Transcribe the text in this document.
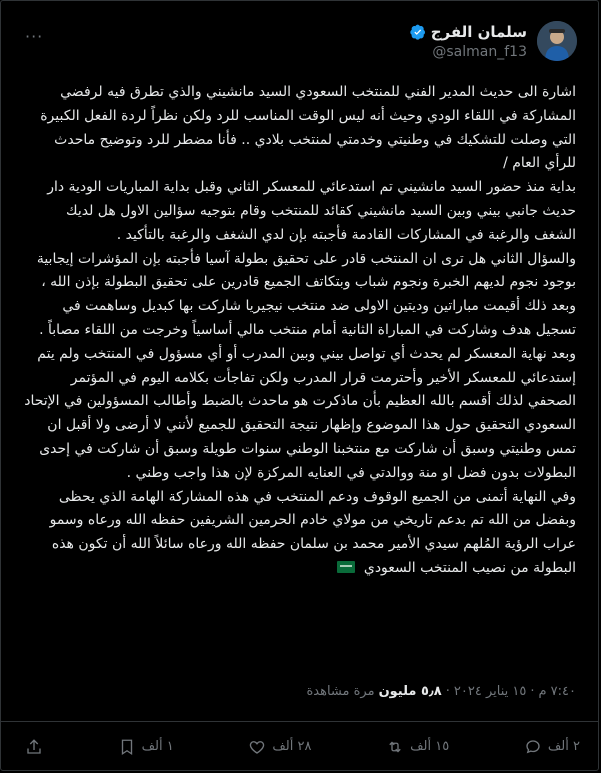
···	سلمان الفرج
@salman_f13

اشارة الى حديث المدير الفني للمنتخب السعودي السيد مانشيني والذي تطرق فيه لرفضي المشاركة في اللقاء الودي وحيث أنه ليس الوقت المناسب للرد ولكن نظراً لردة الفعل الكبيرة التي وصلت للتشكيك في وطنيتي وخدمتي لمنتخب بلادي .. فأنا مضطر للرد وتوضيح ماحدث للرأي العام /

بداية منذ حضور السيد مانشيني تم استدعائي للمعسكر الثاني وقبل بداية المباريات الودية دار حديث جانبي بيني وبين السيد مانشيني كقائد للمنتخب وقام بتوجيه سؤالين الاول هل لديك الشغف والرغبة في المشاركات القادمة فأجبته بإن لدي الشغف والرغبة بالتأكيد .

والسؤال الثاني هل ترى ان المنتخب قادر على تحقيق بطولة آسيا فأجبته بإن المؤشرات إيجابية بوجود نجوم لديهم الخبرة ونجوم شباب وبتكاتف الجميع قادرين على تحقيق البطولة بإذن الله ، وبعد ذلك أقيمت مباراتين وديتين الاولى ضد منتخب نيجيريا شاركت بها كبديل وساهمت في تسجيل هدف وشاركت في المباراة الثانية أمام منتخب مالي أساسياً وخرجت من اللقاء مصاباً .

وبعد نهاية المعسكر لم يحدث أي تواصل بيني وبين المدرب أو أي مسؤول في المنتخب ولم يتم إستدعائي للمعسكر الأخير وأحترمت قرار المدرب ولكن تفاجأت بكلامه اليوم في المؤتمر الصحفي لذلك أقسم بالله العظيم بأن ماذكرت هو ماحدث بالضبط وأطالب المسؤولين في الإتحاد السعودي التحقيق حول هذا الموضوع وإظهار نتيجة التحقيق للجميع لأنني لا أرضى ولا أقبل ان تمس وطنيتي وسبق أن شاركت مع منتخبنا الوطني سنوات طويلة وسبق أن شاركت في إحدى البطولات بدون فضل او منة ووالدتي في العنايه المركزة لإن هذا واجب وطني .

وفي النهاية أتمنى من الجميع الوقوف ودعم المنتخب في هذه المشاركة الهامة الذي يحظى وبفضل من الله تم بدعم تاريخي من مولاي خادم الحرمين الشريفين حفظه الله ورعاه وسمو عراب الرؤية المُلهم سيدي الأمير محمد بن سلمان حفظه الله ورعاه سائلاً الله أن تكون هذه البطولة من نصيب المنتخب السعودي

٧:٤٠ م
·
١٥ يناير ٢٠٢٤
·
٥٫٨ مليون
مرة مشاهدة
١ ألف	٢٨ ألف	١٥ ألف	٢ ألف
